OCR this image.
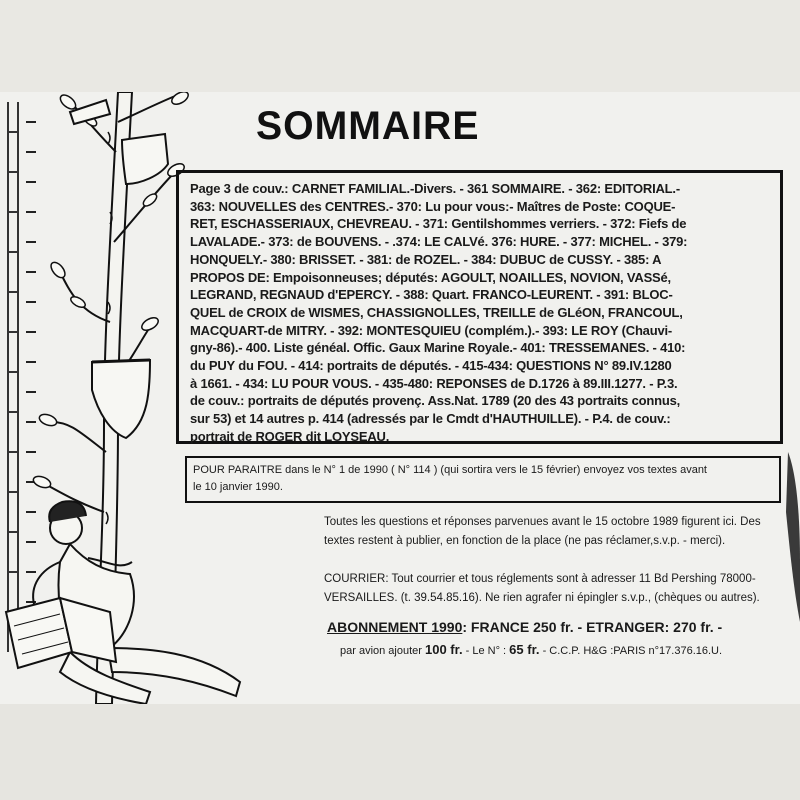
SOMMAIRE
Page 3 de couv.: CARNET FAMILIAL.-Divers. - 361 SOMMAIRE. - 362: EDITORIAL.-
363: NOUVELLES des CENTRES.- 370: Lu pour vous:- Maîtres de Poste: COQUE-
RET, ESCHASSERIAUX, CHEVREAU. - 371: Gentilshommes verriers. - 372: Fiefs de
LAVALADE.- 373: de BOUVENS. - .374: LE CALVé. 376: HURE. - 377: MICHEL. - 379:
HONQUELY.- 380: BRISSET. - 381: de ROZEL. - 384: DUBUC de CUSSY. - 385: A
PROPOS DE: Empoisonneuses; députés: AGOULT, NOAILLES, NOVION, VASSé,
LEGRAND, REGNAUD d'EPERCY. - 388: Quart. FRANCO-LEURENT. - 391: BLOC-
QUEL de CROIX de WISMES, CHASSIGNOLLES, TREILLE de GLéON, FRANCOUL,
MACQUART-de MITRY. - 392: MONTESQUIEU (complém.).- 393: LE ROY (Chauvi-
gny-86).- 400. Liste généal. Offic. Gaux Marine Royale.- 401: TRESSEMANES. - 410:
du PUY du FOU. - 414: portraits de députés. - 415-434: QUESTIONS N° 89.IV.1280
à 1661. - 434: LU POUR VOUS. - 435-480: REPONSES de D.1726 à 89.III.1277. - P.3.
de couv.: portraits de députés provenç. Ass.Nat. 1789 (20 des 43 portraits connus,
sur 53) et 14 autres p. 414 (adressés par le Cmdt d'HAUTHUILLE). - P.4. de couv.:
portrait de ROGER dit LOYSEAU.
POUR PARAITRE dans le N° 1 de 1990 ( N° 114 ) (qui sortira vers le 15 février) envoyez vos textes avant
le 10 janvier 1990.
Toutes les questions et réponses parvenues avant le 15 octobre 1989 figurent ici. Des
textes restent à publier, en fonction de la place (ne pas réclamer,s.v.p. - merci).
COURRIER: Tout courrier et tous réglements sont à adresser 11 Bd Pershing 78000-
VERSAILLES. (t. 39.54.85.16). Ne rien agrafer ni épingler s.v.p., (chèques ou autres).
ABONNEMENT 1990: FRANCE 250 fr. - ETRANGER: 270 fr. -
par avion ajouter 100 fr. - Le N° : 65 fr. - C.C.P. H&G :PARIS n°17.376.16.U.
